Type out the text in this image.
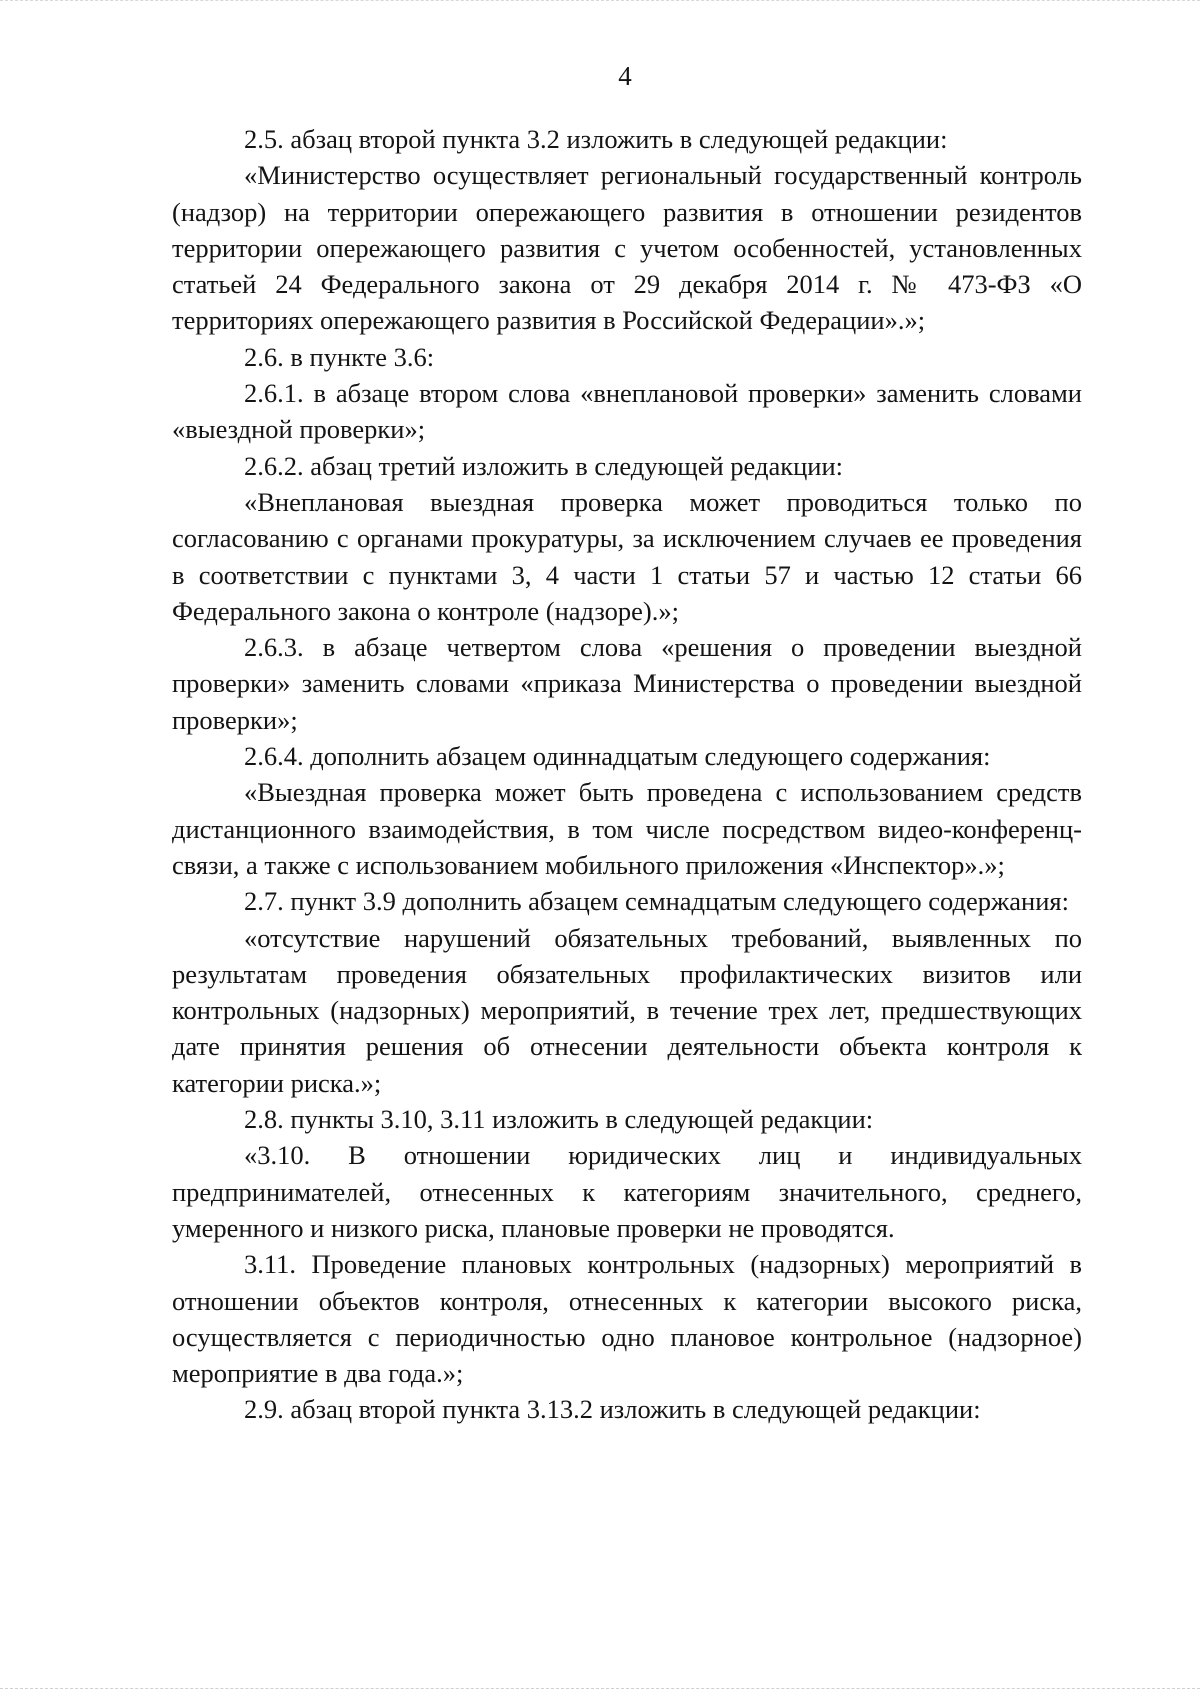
4

2.5. абзац второй пункта 3.2 изложить в следующей редакции:

«Министерство осуществляет региональный государственный контроль (надзор) на территории опережающего развития в отношении резидентов территории опережающего развития с учетом особенностей, установленных статьей 24 Федерального закона от 29 декабря 2014 г. № 473-ФЗ «О территориях опережающего развития в Российской Федерации».»;

2.6. в пункте 3.6:

2.6.1. в абзаце втором слова «внеплановой проверки» заменить словами «выездной проверки»;

2.6.2. абзац третий изложить в следующей редакции:

«Внеплановая выездная проверка может проводиться только по согласованию с органами прокуратуры, за исключением случаев ее проведения в соответствии с пунктами 3, 4 части 1 статьи 57 и частью 12 статьи 66 Федерального закона о контроле (надзоре).»;

2.6.3. в абзаце четвертом слова «решения о проведении выездной проверки» заменить словами «приказа Министерства о проведении выездной проверки»;

2.6.4. дополнить абзацем одиннадцатым следующего содержания:

«Выездная проверка может быть проведена с использованием средств дистанционного взаимодействия, в том числе посредством видео-конференц-связи, а также с использованием мобильного приложения «Инспектор».»;

2.7. пункт 3.9 дополнить абзацем семнадцатым следующего содержания:

«отсутствие нарушений обязательных требований, выявленных по результатам проведения обязательных профилактических визитов или контрольных (надзорных) мероприятий, в течение трех лет, предшествующих дате принятия решения об отнесении деятельности объекта контроля к категории риска.»;

2.8. пункты 3.10, 3.11 изложить в следующей редакции:

«3.10. В отношении юридических лиц и индивидуальных предпринимателей, отнесенных к категориям значительного, среднего, умеренного и низкого риска, плановые проверки не проводятся.

3.11. Проведение плановых контрольных (надзорных) мероприятий в отношении объектов контроля, отнесенных к категории высокого риска, осуществляется с периодичностью одно плановое контрольное (надзорное) мероприятие в два года.»;

2.9. абзац второй пункта 3.13.2 изложить в следующей редакции:
